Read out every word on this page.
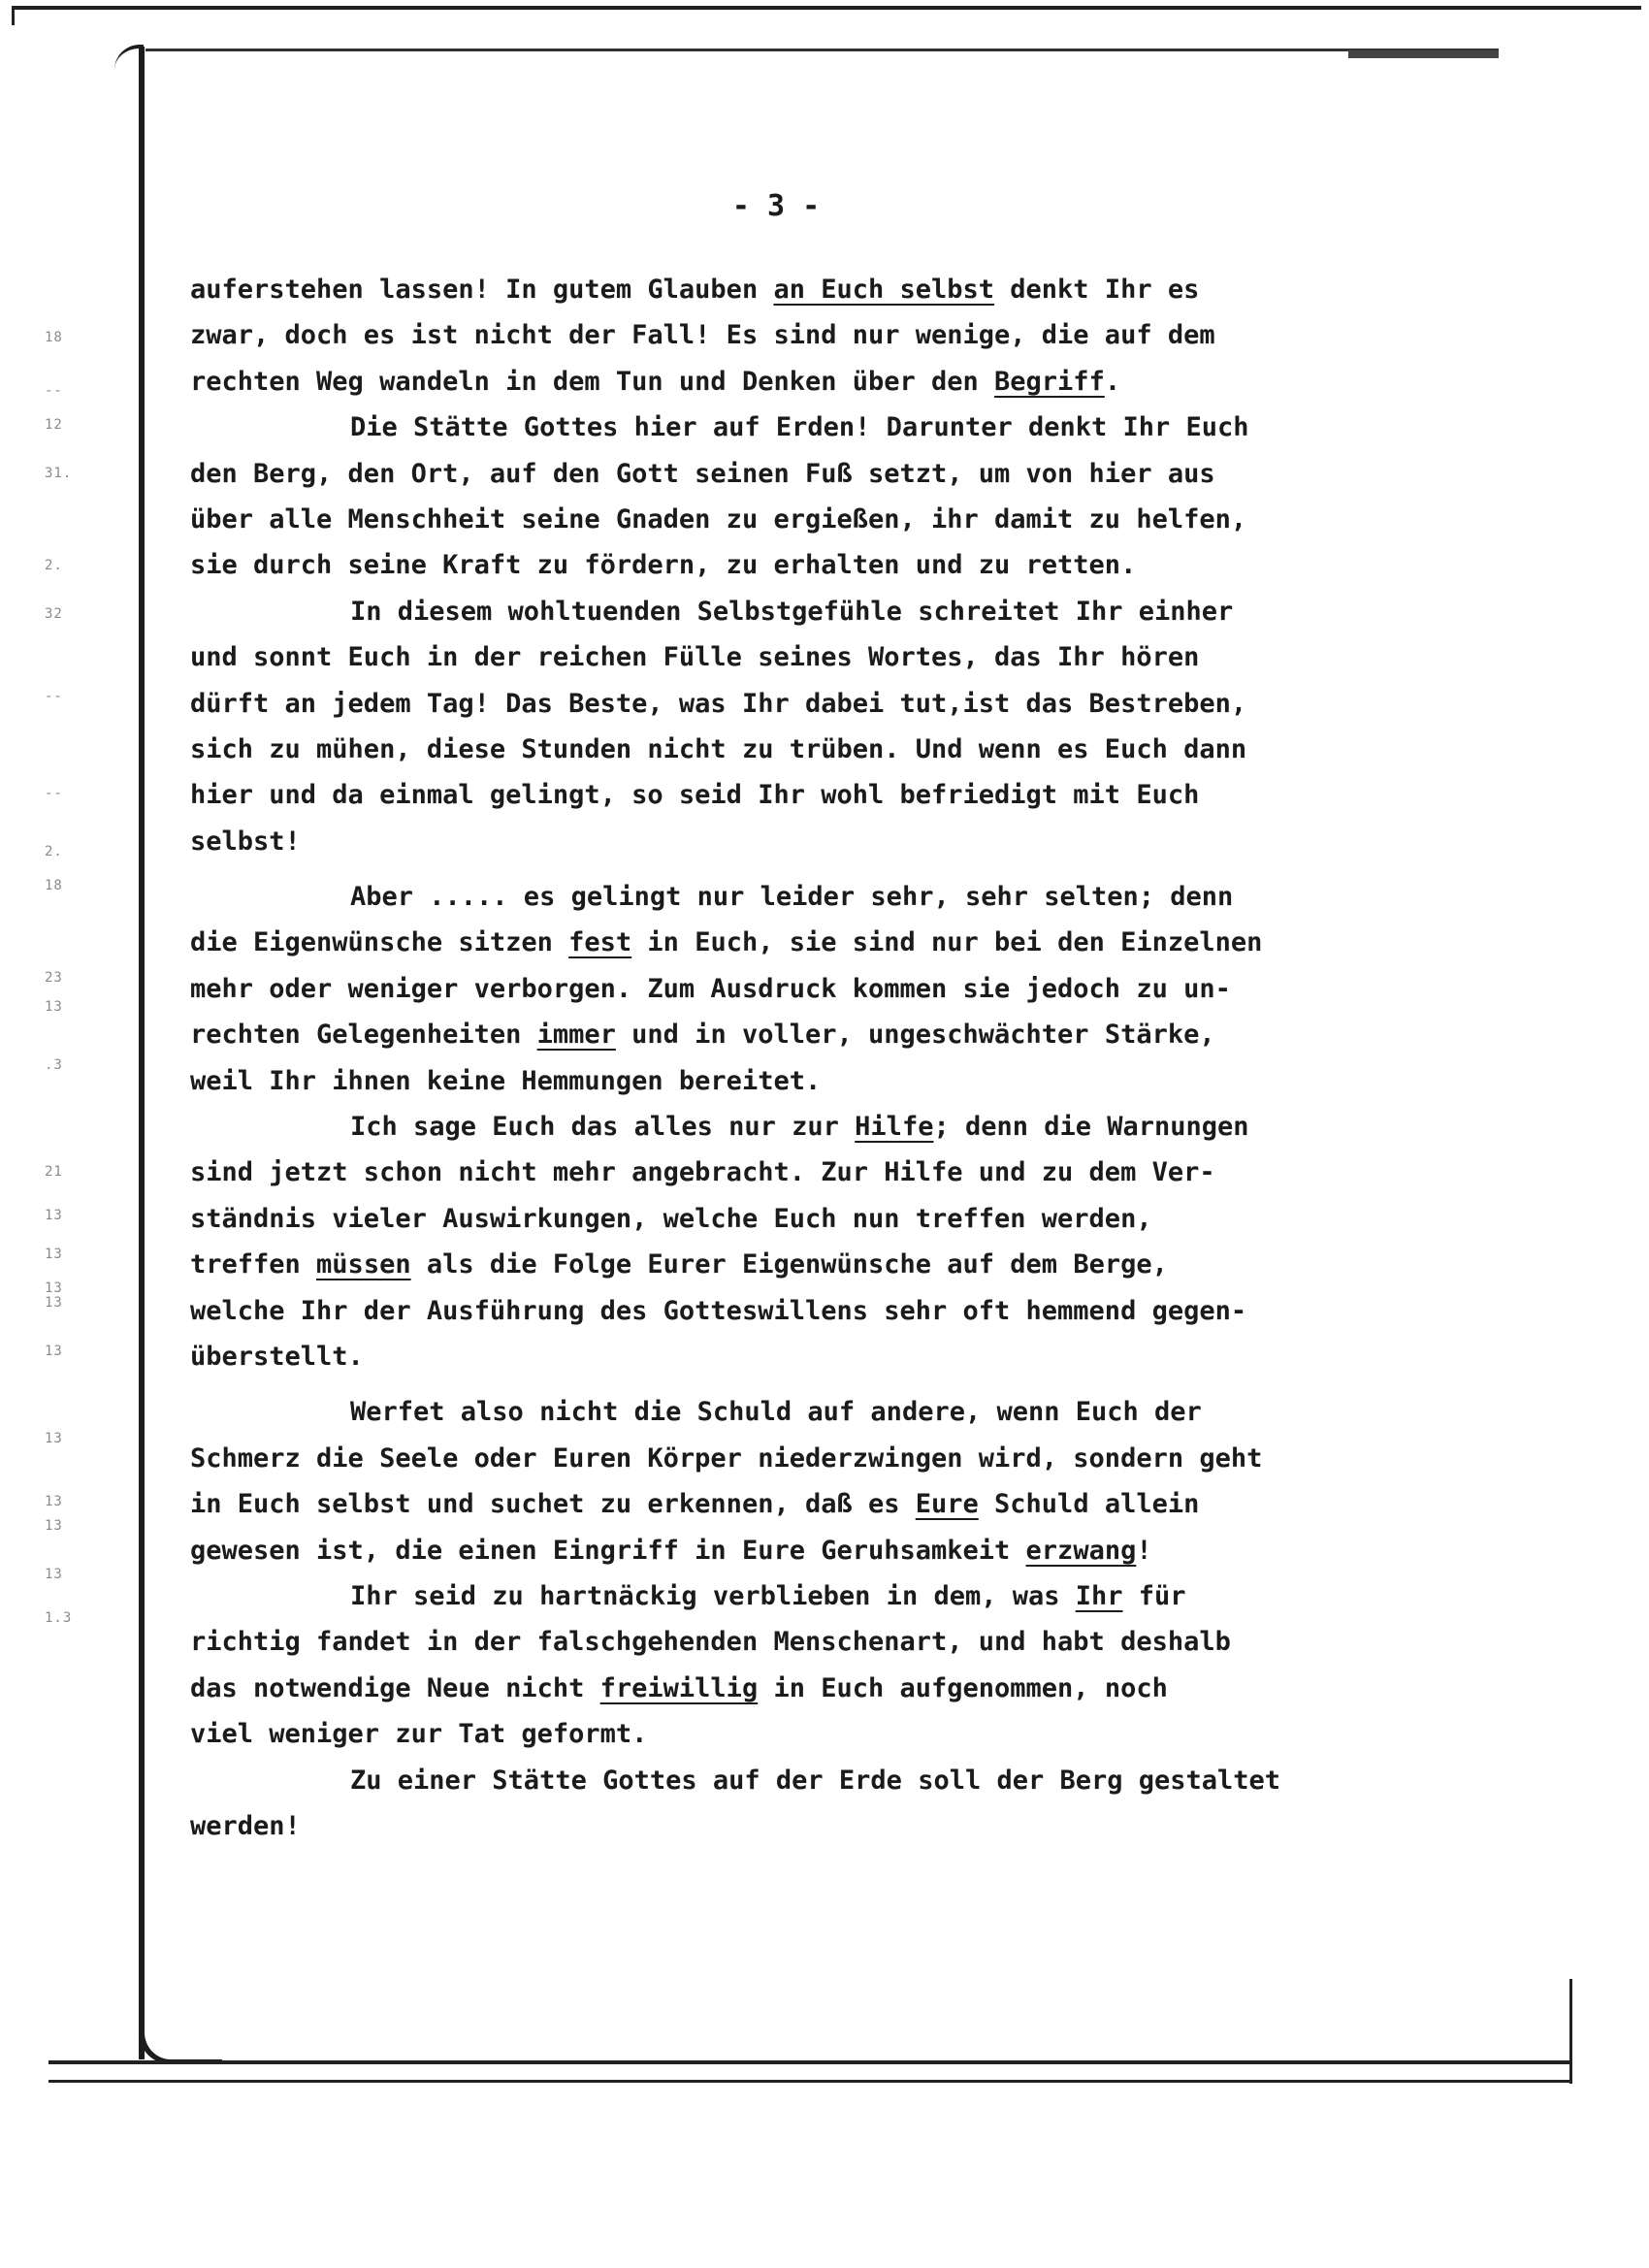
18
--
12
31.
2.
32
--
--
2.
18
23
13
.3
21
13
13
13
13
13
13
13
13
13
1.3
- 3 -
auferstehen lassen! In gutem Glauben an Euch selbst denkt Ihr es
zwar, doch es ist nicht der Fall! Es sind nur wenige, die auf dem
rechten Weg wandeln in dem Tun und Denken über den Begriff.
Die Stätte Gottes hier auf Erden! Darunter denkt Ihr Euch
den Berg, den Ort, auf den Gott seinen Fuß setzt, um von hier aus
über alle Menschheit seine Gnaden zu ergießen, ihr damit zu helfen,
sie durch seine Kraft zu fördern, zu erhalten und zu retten.
In diesem wohltuenden Selbstgefühle schreitet Ihr einher
und sonnt Euch in der reichen Fülle seines Wortes, das Ihr hören
dürft an jedem Tag! Das Beste, was Ihr dabei tut,ist das Bestreben,
sich zu mühen, diese Stunden nicht zu trüben. Und wenn es Euch dann
hier und da einmal gelingt, so seid Ihr wohl befriedigt mit Euch
selbst!
Aber ..... es gelingt nur leider sehr, sehr selten; denn
die Eigenwünsche sitzen fest in Euch, sie sind nur bei den Einzelnen
mehr oder weniger verborgen. Zum Ausdruck kommen sie jedoch zu un-
rechten Gelegenheiten immer und in voller, ungeschwächter Stärke,
weil Ihr ihnen keine Hemmungen bereitet.
Ich sage Euch das alles nur zur Hilfe; denn die Warnungen
sind jetzt schon nicht mehr angebracht. Zur Hilfe und zu dem Ver-
ständnis vieler Auswirkungen, welche Euch nun treffen werden,
treffen müssen als die Folge Eurer Eigenwünsche auf dem Berge,
welche Ihr der Ausführung des Gotteswillens sehr oft hemmend gegen-
überstellt.
Werfet also nicht die Schuld auf andere, wenn Euch der
Schmerz die Seele oder Euren Körper niederzwingen wird, sondern geht
in Euch selbst und suchet zu erkennen, daß es Eure Schuld allein
gewesen ist, die einen Eingriff in Eure Geruhsamkeit erzwang!
Ihr seid zu hartnäckig verblieben in dem, was Ihr für
richtig fandet in der falschgehenden Menschenart, und habt deshalb
das notwendige Neue nicht freiwillig in Euch aufgenommen, noch
viel weniger zur Tat geformt.
Zu einer Stätte Gottes auf der Erde soll der Berg gestaltet
werden!
